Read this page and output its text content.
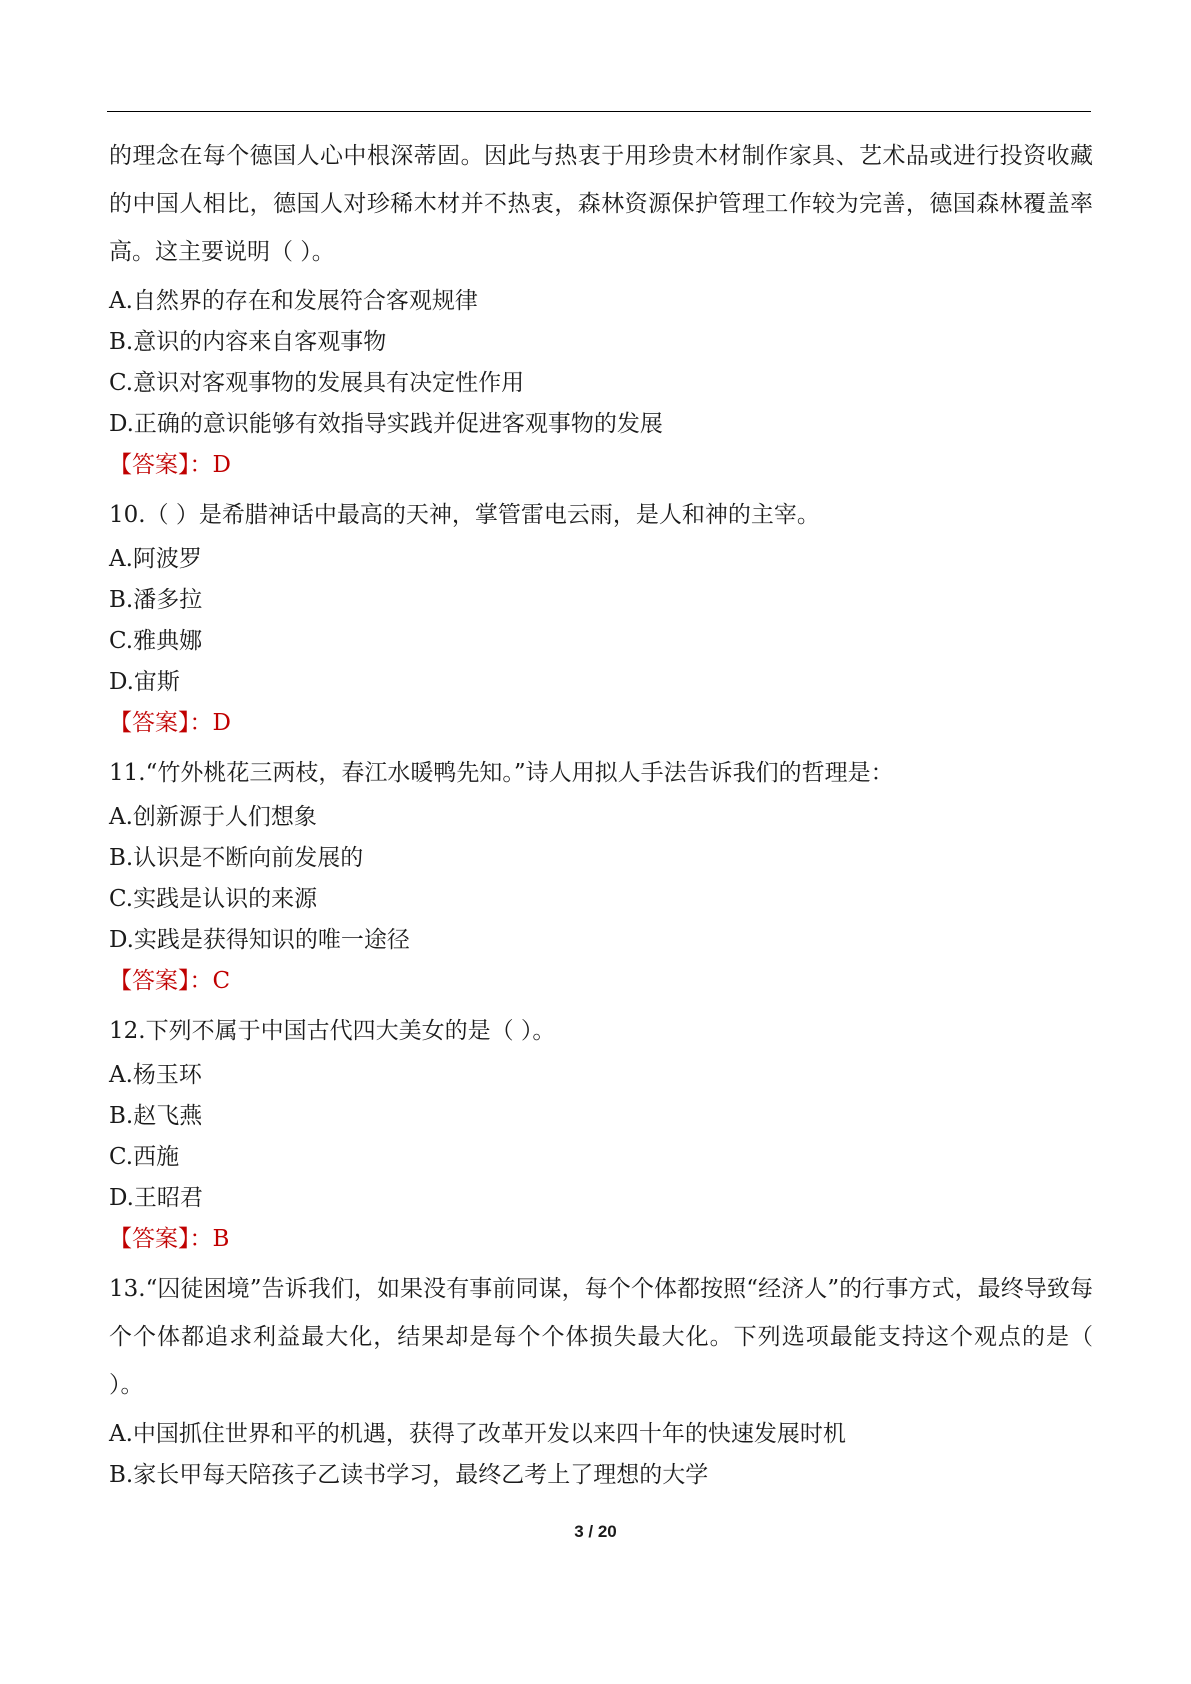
的理念在每个德国人心中根深蒂固。因此与热衷于用珍贵木材制作家具、艺术品或进行投资收藏的中国人相比，德国人对珍稀木材并不热衷，森林资源保护管理工作较为完善，德国森林覆盖率高。这主要说明（ ）。

A.自然界的存在和发展符合客观规律

B.意识的内容来自客观事物

C.意识对客观事物的发展具有决定性作用

D.正确的意识能够有效指导实践并促进客观事物的发展

【答案】：D

10.（ ）是希腊神话中最高的天神，掌管雷电云雨，是人和神的主宰。

A.阿波罗

B.潘多拉

C.雅典娜

D.宙斯

【答案】：D

11.“竹外桃花三两枝，春江水暖鸭先知。”诗人用拟人手法告诉我们的哲理是：

A.创新源于人们想象

B.认识是不断向前发展的

C.实践是认识的来源

D.实践是获得知识的唯一途径

【答案】：C

12.下列不属于中国古代四大美女的是（ ）。

A.杨玉环

B.赵飞燕

C.西施

D.王昭君

【答案】：B

13.“囚徒困境”告诉我们，如果没有事前同谋，每个个体都按照“经济人”的行事方式，最终导致每个个体都追求利益最大化，结果却是每个个体损失最大化。下列选项最能支持这个观点的是（ ）。

A.中国抓住世界和平的机遇，获得了改革开发以来四十年的快速发展时机

B.家长甲每天陪孩子乙读书学习，最终乙考上了理想的大学

3 / 20
